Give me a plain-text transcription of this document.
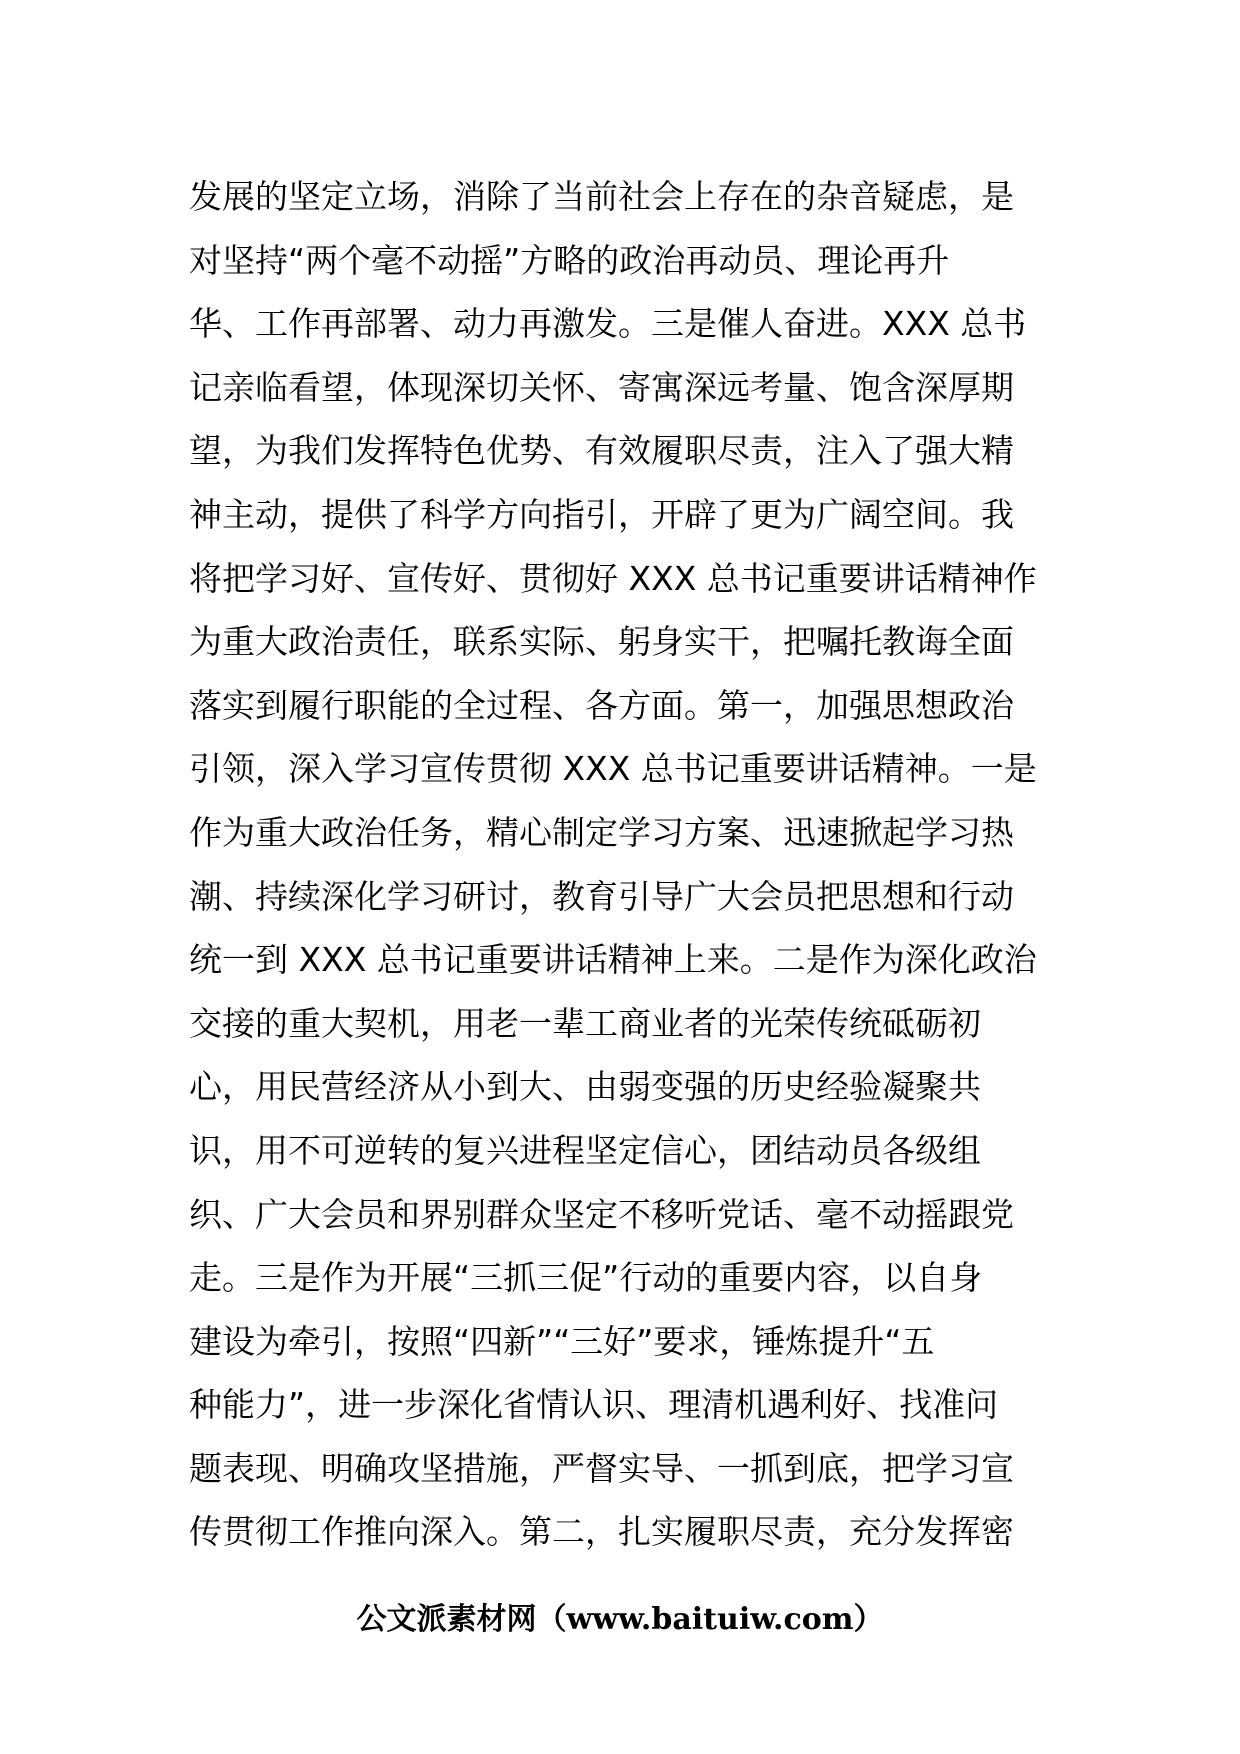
发展的坚定立场，消除了当前社会上存在的杂音疑虑，是
对坚持“两个毫不动摇”方略的政治再动员、理论再升
华、工作再部署、动力再激发。三是催人奋进。XXX 总书
记亲临看望，体现深切关怀、寄寓深远考量、饱含深厚期
望，为我们发挥特色优势、有效履职尽责，注入了强大精
神主动，提供了科学方向指引，开辟了更为广阔空间。我
将把学习好、宣传好、贯彻好 XXX 总书记重要讲话精神作
为重大政治责任，联系实际、躬身实干，把嘱托教诲全面
落实到履行职能的全过程、各方面。第一，加强思想政治
引领，深入学习宣传贯彻 XXX 总书记重要讲话精神。一是
作为重大政治任务，精心制定学习方案、迅速掀起学习热
潮、持续深化学习研讨，教育引导广大会员把思想和行动
统一到 XXX 总书记重要讲话精神上来。二是作为深化政治
交接的重大契机，用老一辈工商业者的光荣传统砥砺初
心，用民营经济从小到大、由弱变强的历史经验凝聚共
识，用不可逆转的复兴进程坚定信心，团结动员各级组
织、广大会员和界别群众坚定不移听党话、毫不动摇跟党
走。三是作为开展“三抓三促”行动的重要内容，以自身
建设为牵引，按照“四新”“三好”要求，锤炼提升“五
种能力”，进一步深化省情认识、理清机遇利好、找准问
题表现、明确攻坚措施，严督实导、一抓到底，把学习宣
传贯彻工作推向深入。第二，扎实履职尽责，充分发挥密
公文派素材网（www.baituiw.com）
